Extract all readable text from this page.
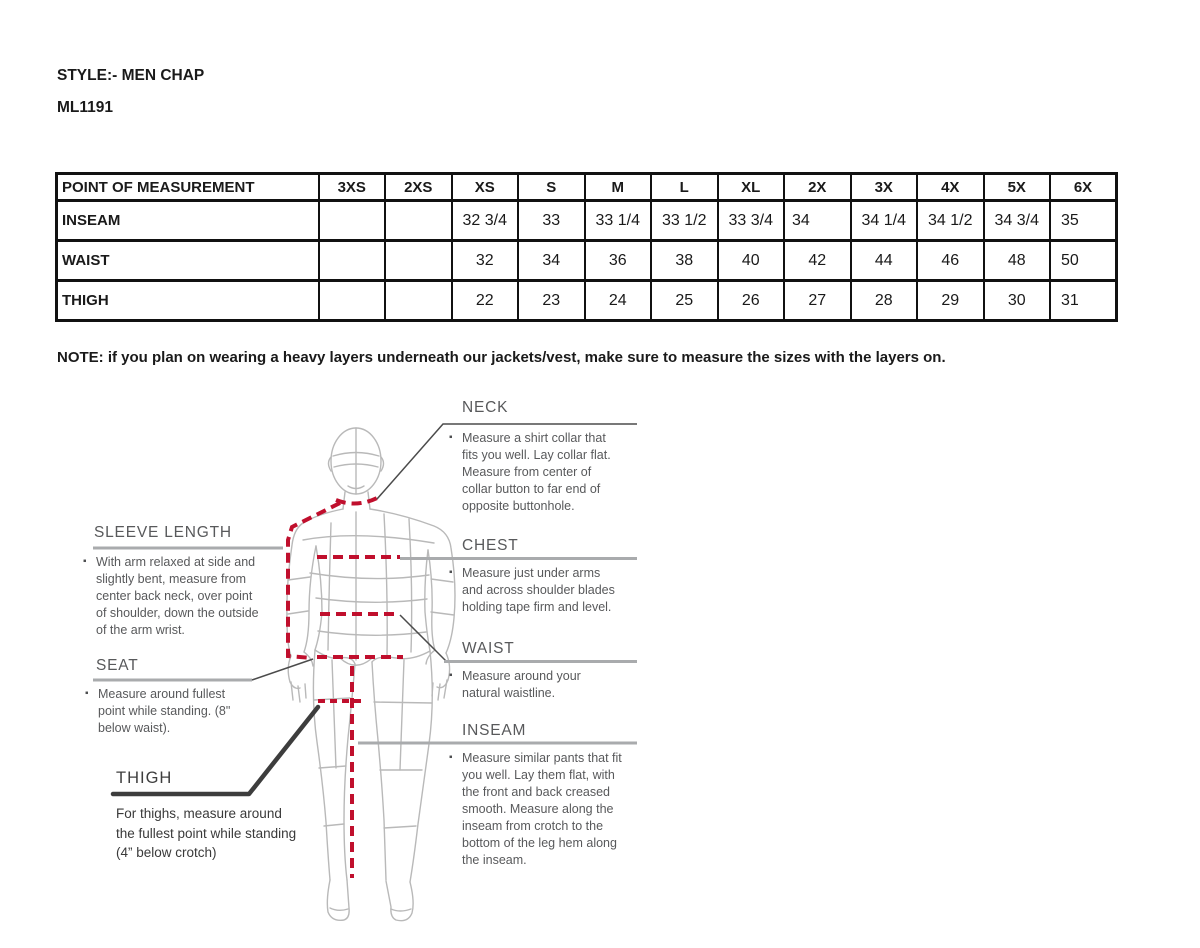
STYLE:- MEN CHAP
ML1191
POINT OF MEASUREMENT	3XS	2XS	XS	S	M	L	XL	2X	3X	4X	5X	6X
INSEAM			32 3/4	33	33 1/4	33 1/2	33 3/4	34	34 1/4	34 1/2	34 3/4	35
WAIST			32	34	36	38	40	42	44	46	48	50
THIGH			22	23	24	25	26	27	28	29	30	31
NOTE: if you plan on wearing a heavy layers underneath our jackets/vest, make sure to measure the sizes with the layers on.
NECK
▪ Measure a shirt collar that fits you well. Lay collar flat. Measure from center of collar button to far end of opposite buttonhole.
CHEST
▪ Measure just under arms and across shoulder blades holding tape firm and level.
WAIST
▪ Measure around your natural waistline.
INSEAM
▪ Measure similar pants that fit you well. Lay them flat, with the front and back creased smooth. Measure along the inseam from crotch to the bottom of the leg hem along the inseam.
SLEEVE LENGTH
▪ With arm relaxed at side and slightly bent, measure from center back neck, over point of shoulder, down the outside of the arm wrist.
SEAT
▪ Measure around fullest point while standing. (8" below waist).
THIGH
For thighs, measure around the fullest point while standing (4” below crotch)
